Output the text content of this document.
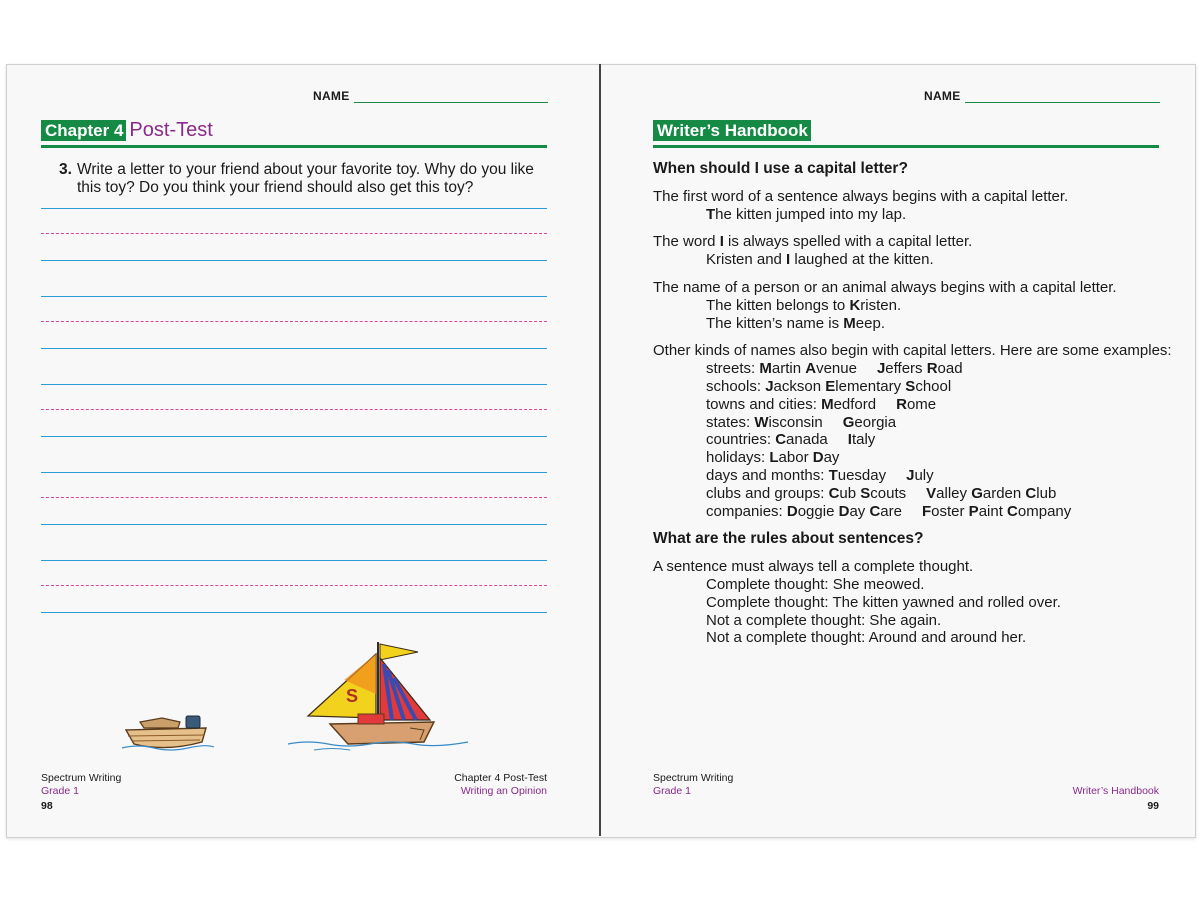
NAME
Chapter 4 Post-Test
3. Write a letter to your friend about your favorite toy. Why do you like this toy? Do you think your friend should also get this toy?
S
Spectrum Writing
Grade 1
98
Chapter 4 Post-Test
Writing an Opinion
NAME
Writer’s Handbook

When should I use a capital letter?

The first word of a sentence always begins with a capital letter.

The kitten jumped into my lap.

The word I is always spelled with a capital letter.

Kristen and I laughed at the kitten.

The name of a person or an animal always begins with a capital letter.

The kitten belongs to Kristen.

The kitten’s name is Meep.

Other kinds of names also begin with capital letters. Here are some examples:

streets: Martin Avenue Jeffers Road

schools: Jackson Elementary School

towns and cities: Medford Rome

states: Wisconsin Georgia

countries: Canada Italy

holidays: Labor Day

days and months: Tuesday July

clubs and groups: Cub Scouts Valley Garden Club

companies: Doggie Day Care Foster Paint Company

What are the rules about sentences?

A sentence must always tell a complete thought.

Complete thought: She meowed.

Complete thought: The kitten yawned and rolled over.

Not a complete thought: She again.

Not a complete thought: Around and around her.

Spectrum Writing
Grade 1	Writer’s Handbook
99
